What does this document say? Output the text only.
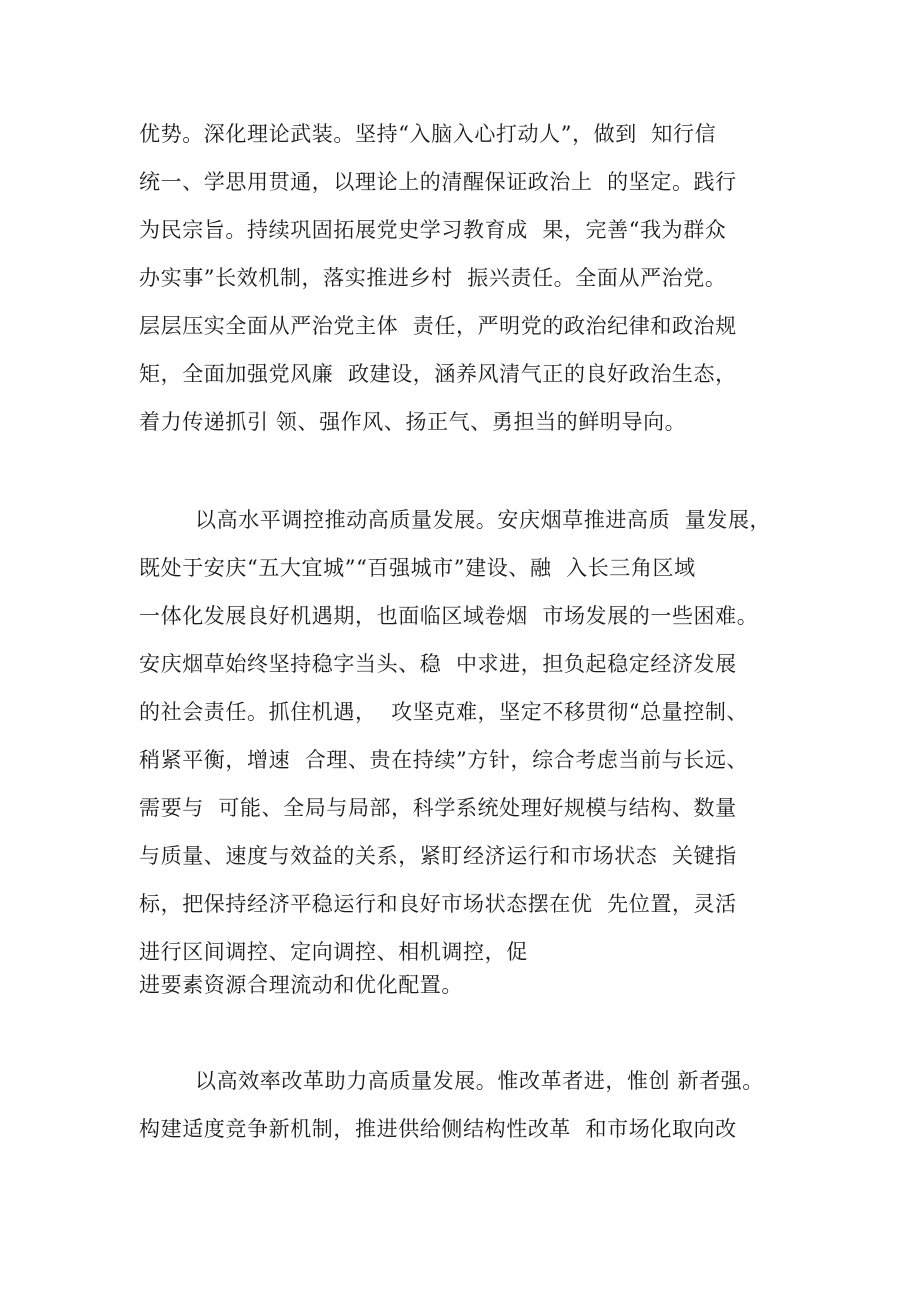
优势。深化理论武装。坚持“入脑入心打动人”，做到  知行信
统一、学思用贯通，以理论上的清醒保证政治上  的坚定。践行
为民宗旨。持续巩固拓展党史学习教育成  果，完善“我为群众
办实事”长效机制，落实推进乡村  振兴责任。全面从严治党。
层层压实全面从严治党主体  责任，严明党的政治纪律和政治规
矩，全面加强党风廉  政建设，涵养风清气正的良好政治生态，
着力传递抓引 领、强作风、扬正气、勇担当的鲜明导向。
以高水平调控推动高质量发展。安庆烟草推进高质  量发展，
既处于安庆“五大宜城”“百强城市”建设、融  入长三角区域
一体化发展良好机遇期，也面临区域卷烟  市场发展的一些困难。
安庆烟草始终坚持稳字当头、稳  中求进，担负起稳定经济发展
的社会责任。抓住机遇，  攻坚克难，坚定不移贯彻“总量控制、
稍紧平衡，增速  合理、贵在持续”方针，综合考虑当前与长远、
需要与  可能、全局与局部，科学系统处理好规模与结构、数量
与质量、速度与效益的关系，紧盯经济运行和市场状态  关键指
标，把保持经济平稳运行和良好市场状态摆在优  先位置，灵活
进行区间调控、定向调控、相机调控，促
进要素资源合理流动和优化配置。
以高效率改革助力高质量发展。惟改革者进，惟创 新者强。
构建适度竞争新机制，推进供给侧结构性改革  和市场化取向改
